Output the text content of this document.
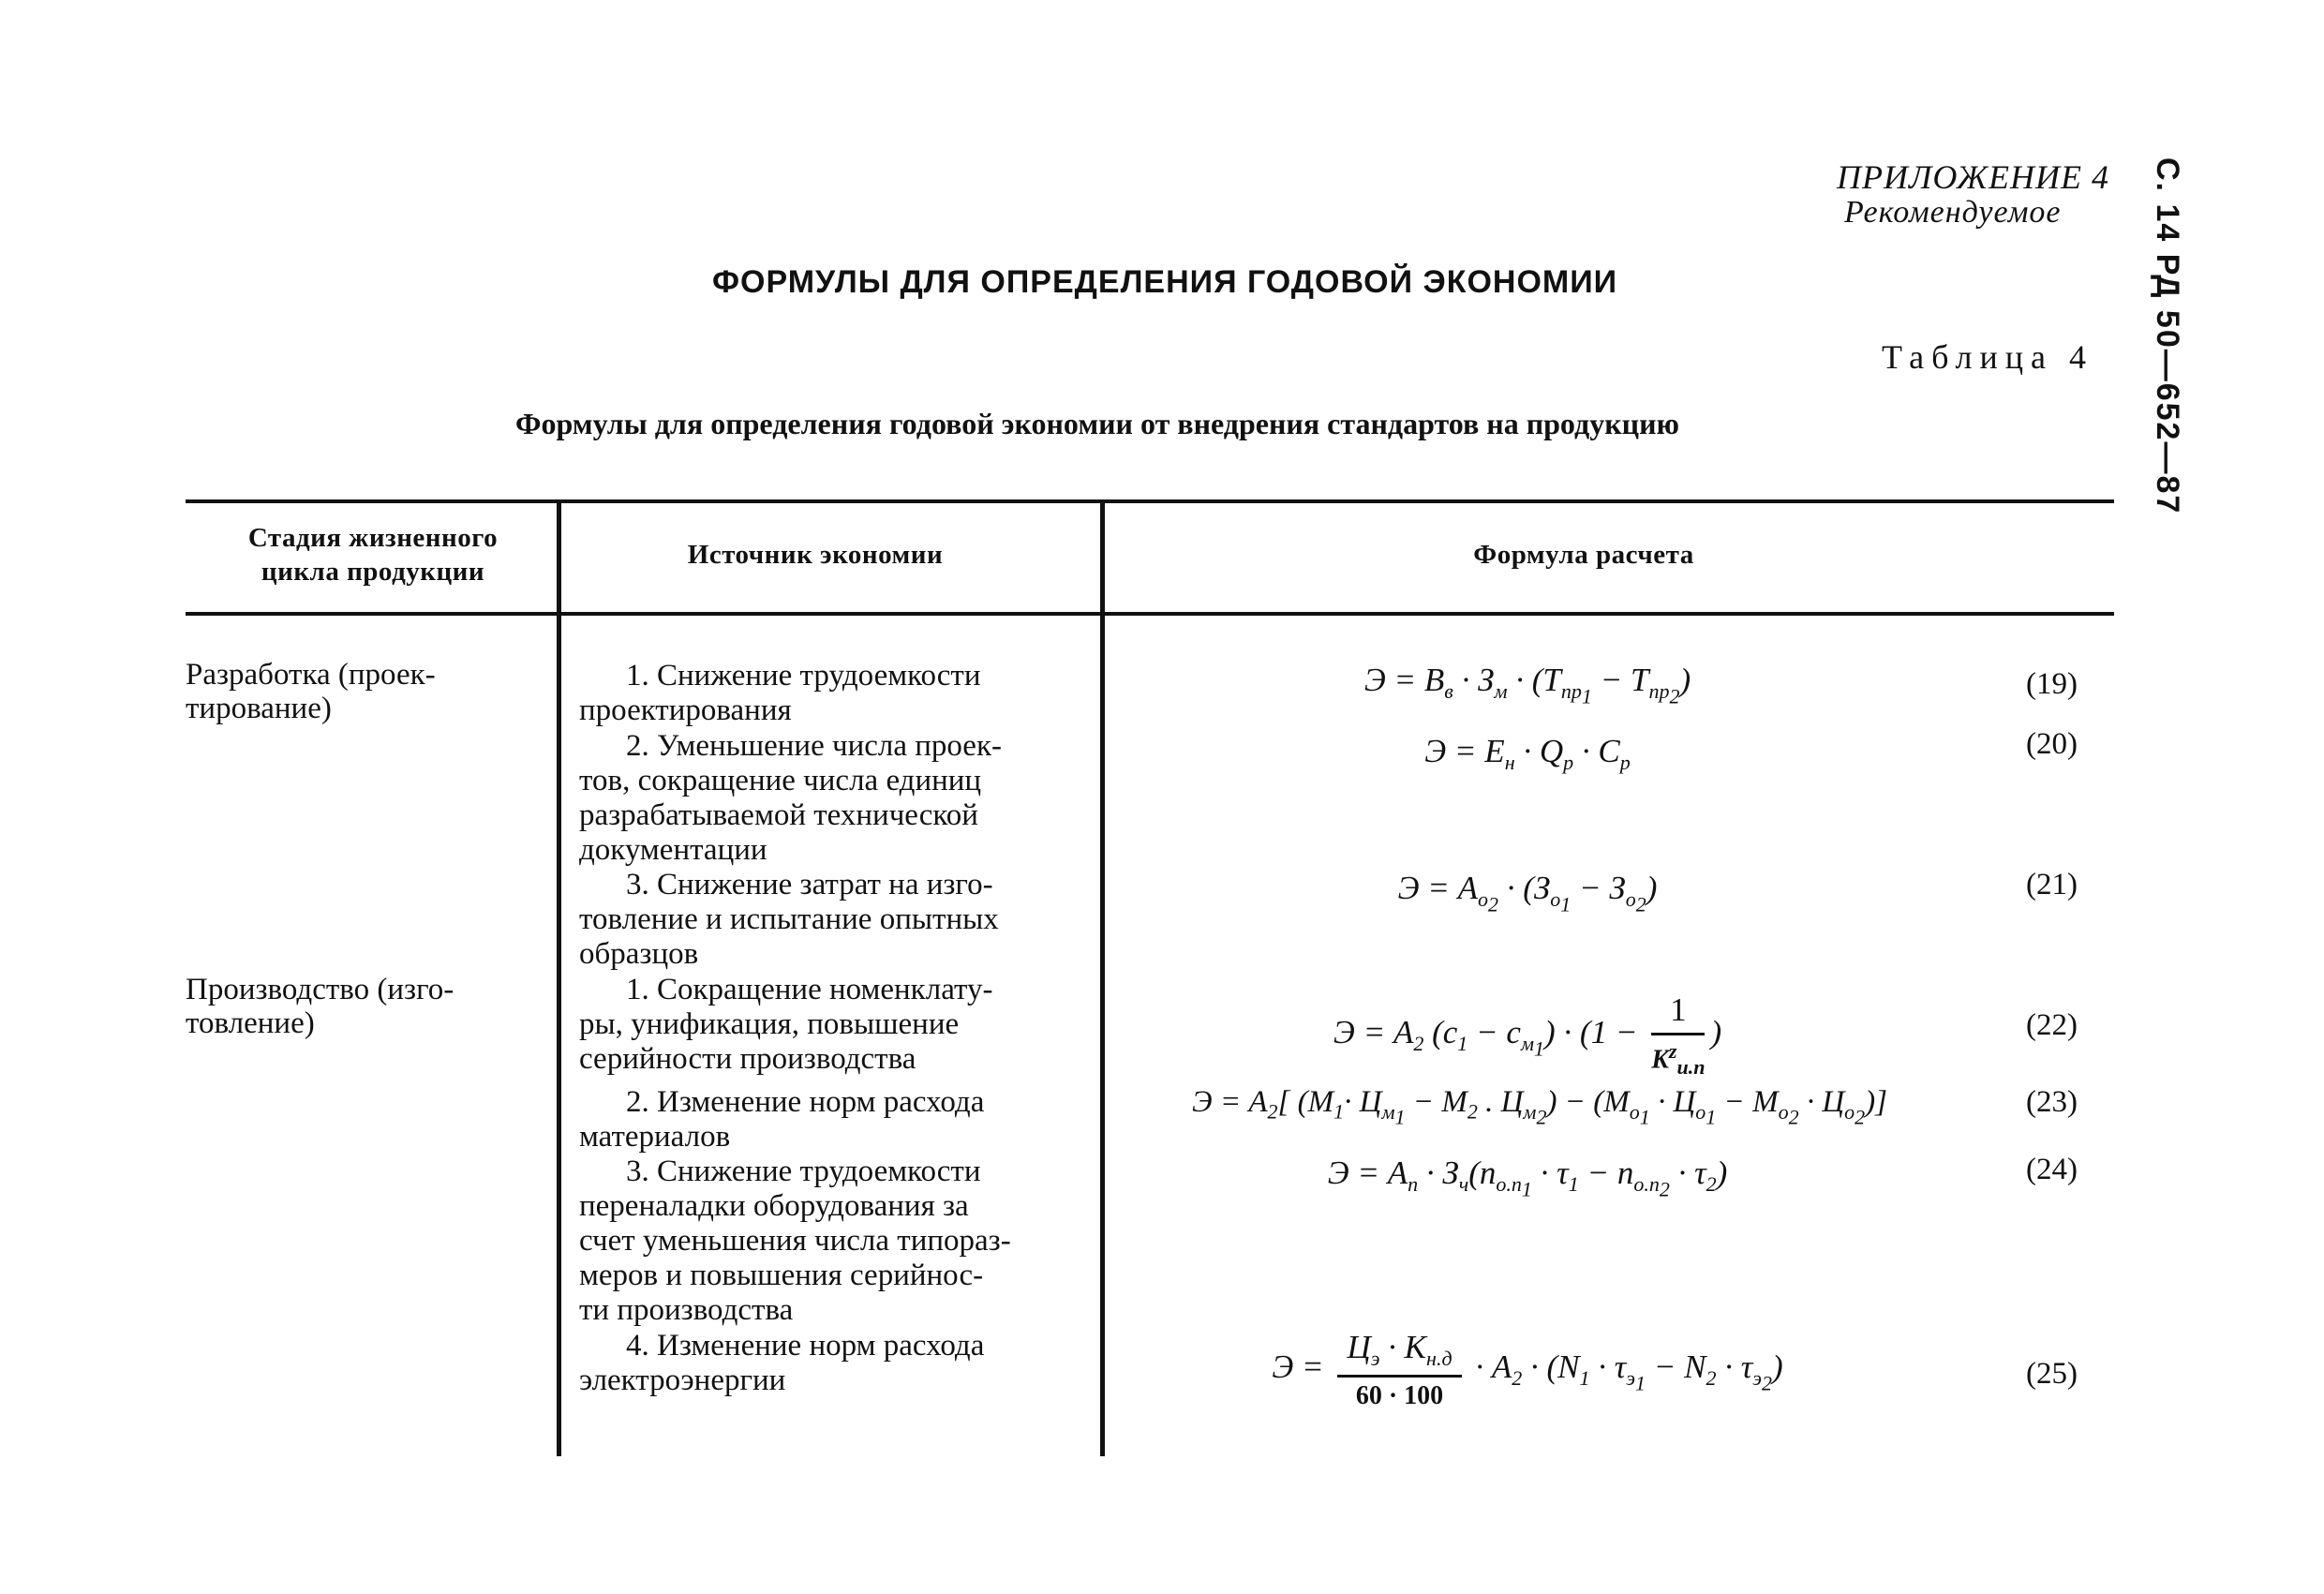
ПРИЛОЖЕНИЕ 4
Рекомендуемое	С. 14 РД 50—652—87
ФОРМУЛЫ ДЛЯ ОПРЕДЕЛЕНИЯ ГОДОВОЙ ЭКОНОМИИ
Таблица 4
Формулы для определения годовой экономии от внедрения стандартов на продукцию
Стадия жизненного цикла продукции
Источник экономии	Формула расчета
Разработка (проек-
тирование)
Производство (изго-
товление)
1. Снижение трудоемкости
проектирования
2. Уменьшение числа проек-
тов, сокращение числа единиц
разрабатываемой технической
документации
3. Снижение затрат на изго-
товление и испытание опытных
образцов
1. Сокращение номенклату-
ры, унификация, повышение
серийности производства
2. Изменение норм расхода
материалов
3. Снижение трудоемкости
переналадки оборудования за
счет уменьшения числа типораз-
меров и повышения серийнос-
ти производства
4. Изменение норм расхода
электроэнергии
$Э = B_в \cdot З_м \cdot (T_{пр_1} - T_{пр_2})$
$Э = E_н \cdot Q_р \cdot C_р$
$Э = A_{о_2} \cdot (З_{о_1} - З_{о_2})$
$Э = A_2$ $(c_1 - c_{м_1}) \cdot (1 - \frac{1}{K^z_{и.п}}$ )
$Э = A_2$[ ($M_1\cdot Ц_{м_1} - M_2$ . $Ц_{м_2}) - (M_{о_1} \cdot Ц_{о_1} - M_{о_2} \cdot Ц_{о_2})$]
$Э = A_п \cdot З_ч(n_{о.п_1} \cdot \tau_1 - n_{о.п_2} \cdot \tau_2)$
$Э = \frac{Ц_э \cdot K_{н.д}}{60 \cdot 100} \cdot A_2 \cdot (N_1 \cdot \tau_{э_1} - N_2 \cdot \tau_{э_2})$
(19)
(20)
(21)
(22)
(23)
(24)
(25)
